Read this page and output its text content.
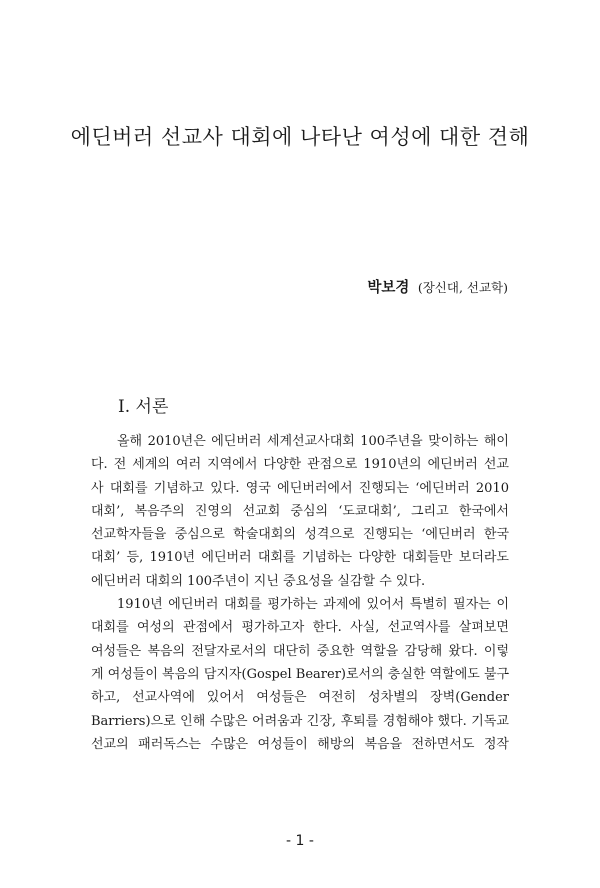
에딘버러 선교사 대회에 나타난 여성에 대한 견해
박보경 (장신대, 선교학)
I. 서론
올해 2010년은 에딘버러 세계선교사대회 100주년을 맞이하는 해이
다. 전 세계의 여러 지역에서 다양한 관점으로 1910년의 에딘버러 선교
사 대회를 기념하고 있다. 영국 에딘버러에서 진행되는 ‘에딘버러 2010
대회’, 복음주의 진영의 선교회 중심의 ‘도쿄대회’, 그리고 한국에서
선교학자들을 중심으로 학술대회의 성격으로 진행되는 ‘에딘버러 한국
대회’ 등, 1910년 에딘버러 대회를 기념하는 다양한 대회들만 보더라도
에딘버러 대회의 100주년이 지닌 중요성을 실감할 수 있다.
1910년 에딘버러 대회를 평가하는 과제에 있어서 특별히 필자는 이
대회를 여성의 관점에서 평가하고자 한다. 사실, 선교역사를 살펴보면
여성들은 복음의 전달자로서의 대단히 중요한 역할을 감당해 왔다. 이렇
게 여성들이 복음의 담지자(Gospel Bearer)로서의 충실한 역할에도 불구
하고, 선교사역에 있어서 여성들은 여전히 성차별의 장벽(Gender
Barriers)으로 인해 수많은 어려움과 긴장, 후퇴를 경험해야 했다. 기독교
선교의 패러독스는 수많은 여성들이 해방의 복음을 전하면서도 정작
- 1 -
